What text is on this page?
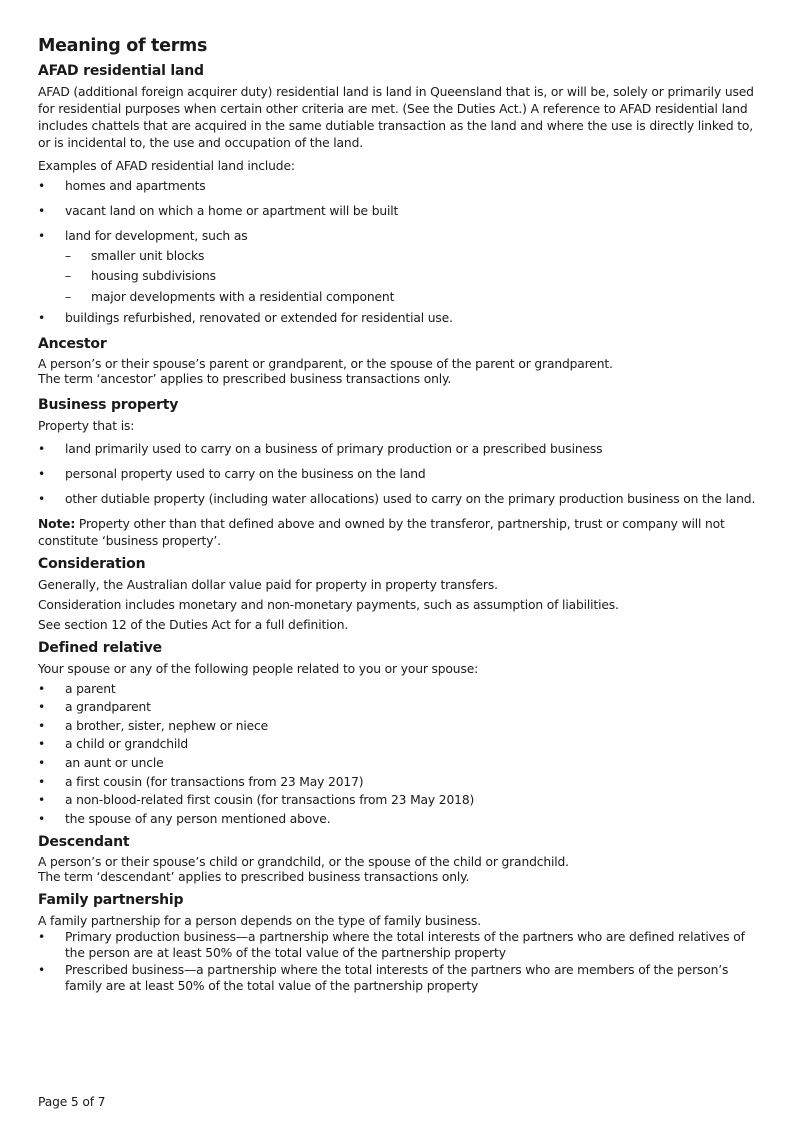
Meaning of terms
AFAD residential land

AFAD (additional foreign acquirer duty) residential land is land in Queensland that is, or will be, solely or primarily used for residential purposes when certain other criteria are met. (See the Duties Act.) A reference to AFAD residential land includes chattels that are acquired in the same dutiable transaction as the land and where the use is directly linked to, or is incidental to, the use and occupation of the land.

Examples of AFAD residential land include:

• homes and apartments
• vacant land on which a home or apartment will be built
• land for development, such as
– smaller unit blocks
– housing subdivisions
– major developments with a residential component
• buildings refurbished, renovated or extended for residential use.
Ancestor

A person’s or their spouse’s parent or grandparent, or the spouse of the parent or grandparent.

The term ‘ancestor’ applies to prescribed business transactions only.

Business property

Property that is:

• land primarily used to carry on a business of primary production or a prescribed business
• personal property used to carry on the business on the land
• other dutiable property (including water allocations) used to carry on the primary production business on the land.

Note: Property other than that defined above and owned by the transferor, partnership, trust or company will not constitute ‘business property’.

Consideration

Generally, the Australian dollar value paid for property in property transfers.

Consideration includes monetary and non-monetary payments, such as assumption of liabilities.

See section 12 of the Duties Act for a full definition.

Defined relative

Your spouse or any of the following people related to you or your spouse:

• a parent
• a grandparent
• a brother, sister, nephew or niece
• a child or grandchild
• an aunt or uncle
• a first cousin (for transactions from 23 May 2017)
• a non-blood-related first cousin (for transactions from 23 May 2018)
• the spouse of any person mentioned above.
Descendant

A person’s or their spouse’s child or grandchild, or the spouse of the child or grandchild.

The term ‘descendant’ applies to prescribed business transactions only.

Family partnership

A family partnership for a person depends on the type of family business.

• Primary production business—a partnership where the total interests of the partners who are defined relatives of the person are at least 50% of the total value of the partnership property
• Prescribed business—a partnership where the total interests of the partners who are members of the person’s family are at least 50% of the total value of the partnership property
Page 5 of 7
